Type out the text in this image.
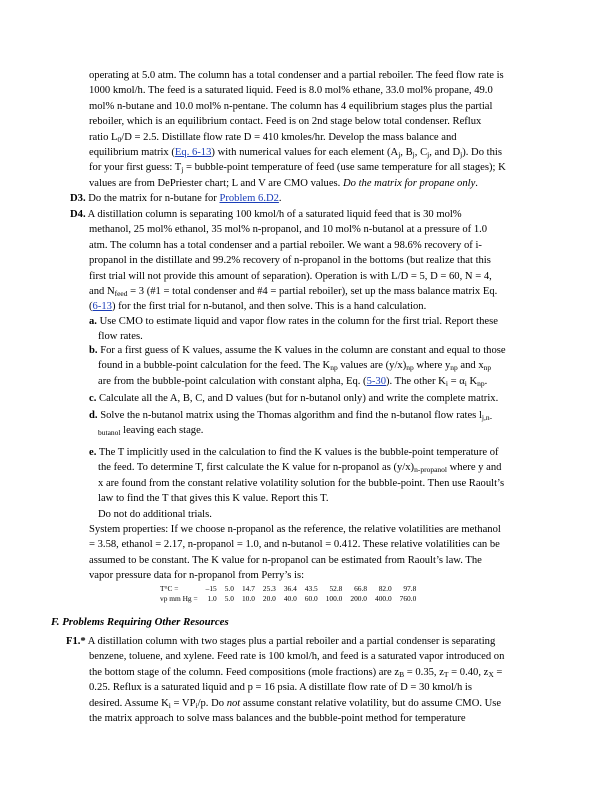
operating at 5.0 atm. The column has a total condenser and a partial reboiler. The feed flow rate is
1000 kmol/h. The feed is a saturated liquid. Feed is 8.0 mol% ethane, 33.0 mol% propane, 49.0
mol% n-butane and 10.0 mol% n-pentane. The column has 4 equilibrium stages plus the partial
reboiler, which is an equilibrium contact. Feed is on 2nd stage below total condenser. Reflux
ratio $L_0/D = 2.5$. Distillate flow rate D = 410 kmoles/hr. Develop the mass balance and
equilibrium matrix (Eq. 6-13) with numerical values for each element ($A_j$, $B_j$, $C_j$, and $D_j$). Do this
for your first guess: $T_j$ = bubble-point temperature of feed (use same temperature for all stages); K
values are from DePriester chart; L and V are CMO values. Do the matrix for propane only.
D3. Do the matrix for n-butane for Problem 6.D2.
D4. A distillation column is separating 100 kmol/h of a saturated liquid feed that is 30 mol%
methanol, 25 mol% ethanol, 35 mol% n-propanol, and 10 mol% n-butanol at a pressure of 1.0
atm. The column has a total condenser and a partial reboiler. We want a 98.6% recovery of i-
propanol in the distillate and 99.2% recovery of n-propanol in the bottoms (but realize that this
first trial will not provide this amount of separation). Operation is with L/D = 5, D = 60, N = 4,
and $N_{feed} = 3$ (#1 = total condenser and #4 = partial reboiler), set up the mass balance matrix Eq.
(6-13) for the first trial for n-butanol, and then solve. This is a hand calculation.
a. Use CMO to estimate liquid and vapor flow rates in the column for the first trial. Report these
flow rates.
b. For a first guess of K values, assume the K values in the column are constant and equal to those
found in a bubble-point calculation for the feed. The $K_{np}$ values are $(y/x)_{np}$ where $y_{np}$ and $x_{np}$
are from the bubble-point calculation with constant alpha, Eq. (5-30). The other $K_i = \alpha_i$ $K_{np}$.
c. Calculate all the A, B, C, and D values (but for n-butanol only) and write the complete matrix.
d. Solve the n-butanol matrix using the Thomas algorithm and find the n-butanol flow rates $l_{j,n-}$
$_{butanol}$ leaving each stage.
e. The T implicitly used in the calculation to find the K values is the bubble-point temperature of
the feed. To determine T, first calculate the K value for n-propanol as $(y/x)_{n-propanol}$ where y and
x are found from the constant relative volatility solution for the bubble-point. Then use Raoult’s
law to find the T that gives this K value. Report this T.
Do not do additional trials.
System properties: If we choose n-propanol as the reference, the relative volatilities are methanol
= 3.58, ethanol = 2.17, n-propanol = 1.0, and n-butanol = 0.412. These relative volatilities can be
assumed to be constant. The K value for n-propanol can be estimated from Raoult’s law. The
vapor pressure data for n-propanol from Perry’s is:
T°C =	–15	5.0	14.7	25.3	36.4	43.5	52.8	66.8	82.0	97.8
vp mm Hg =	1.0	5.0	10.0	20.0	40.0	60.0	100.0	200.0	400.0	760.0
F. Problems Requiring Other Resources
F1.* A distillation column with two stages plus a partial reboiler and a partial condenser is separating
benzene, toluene, and xylene. Feed rate is 100 kmol/h, and feed is a saturated vapor introduced on
the bottom stage of the column. Feed compositions (mole fractions) are $z_B = 0.35$, $z_T = 0.40$, $z_X$ =
0.25. Reflux is a saturated liquid and p = 16 psia. A distillate flow rate of D = 30 kmol/h is
desired. Assume $K_i = VP_i/p$. Do not assume constant relative volatility, but do assume CMO. Use
the matrix approach to solve mass balances and the bubble-point method for temperature
